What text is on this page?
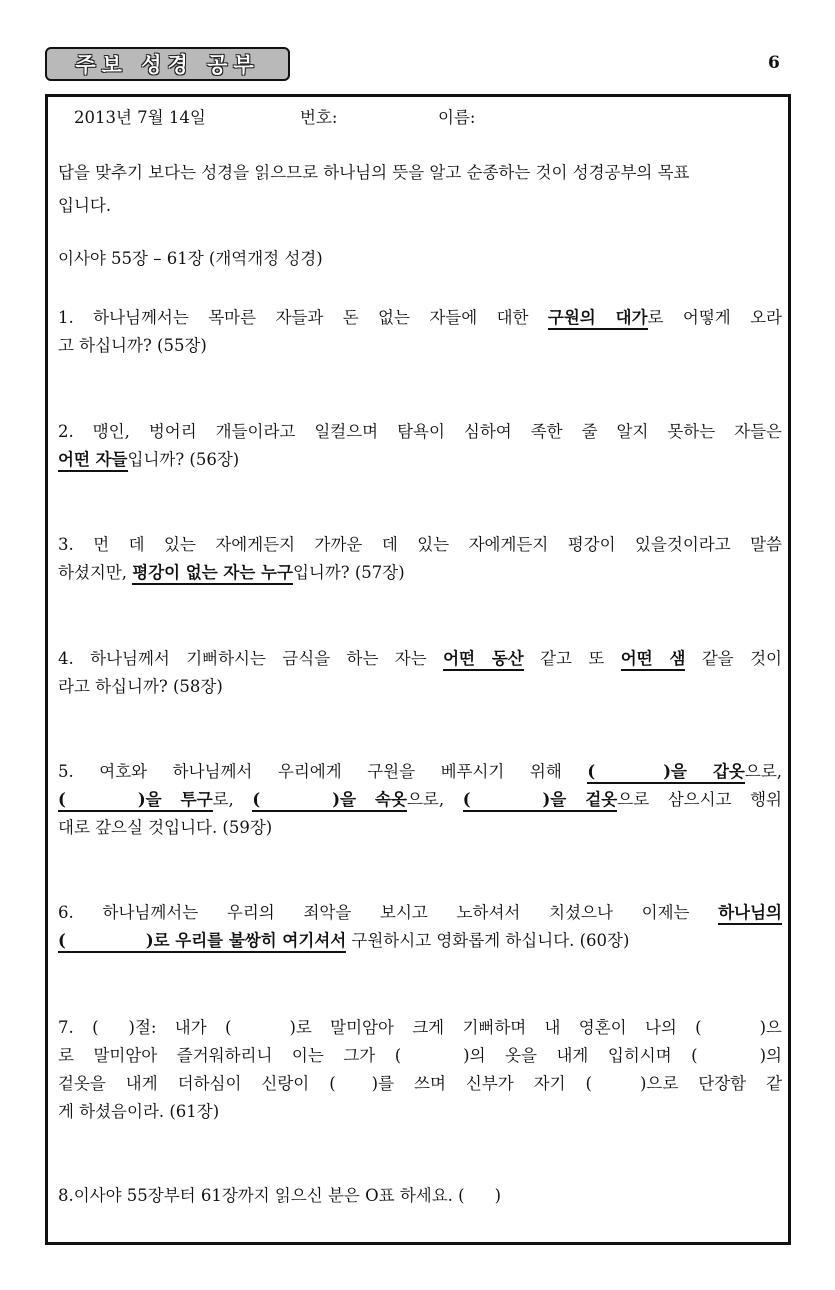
주보 성경 공부	6
2013년 7월 14일	번호:	이름:
답을 맞추기 보다는 성경을 읽으므로 하나님의 뜻을 알고 순종하는 것이 성경공부의 목표
입니다.
이사야 55장 – 61장 (개역개정 성경)
1. 하나님께서는 목마른 자들과 돈 없는 자들에 대한 구원의 대가로 어떻게 오라
고 하십니까? (55장)
2. 맹인, 벙어리 개들이라고 일컬으며 탐욕이 심하여 족한 줄 알지 못하는 자들은
어떤 자들입니까? (56장)
3. 먼 데 있는 자에게든지 가까운 데 있는 자에게든지 평강이 있을것이라고 말씀
하셨지만, 평강이 없는 자는 누구입니까? (57장)
4. 하나님께서 기뻐하시는 금식을 하는 자는 어떤 동산 같고 또 어떤 샘 같을 것이
라고 하십니까? (58장)
5. 여호와 하나님께서 우리에게 구원을 베푸시기 위해 (	)을 갑옷으로,
(	)을 투구로, (	)을 속옷으로, (	)을 겉옷으로 삼으시고 행위
대로 갚으실 것입니다. (59장)
6. 하나님께서는 우리의 죄악을 보시고 노하셔서 치셨으나 이제는 하나님의
(	)로 우리를 불쌍히 여기셔서 구원하시고 영화롭게 하십니다. (60장)
7. ( )절: 내가 (	)로 말미암아 크게 기뻐하며 내 영혼이 나의 (	)으
로 말미암아 즐거워하리니 이는 그가 (	)의 옷을 내게 입히시며 (	)의
겉옷을 내게 더하심이 신랑이 ( )를 쓰며 신부가 자기 (	)으로 단장함 같
게 하셨음이라. (61장)
8.이사야 55장부터 61장까지 읽으신 분은 O표 하세요. ( )
